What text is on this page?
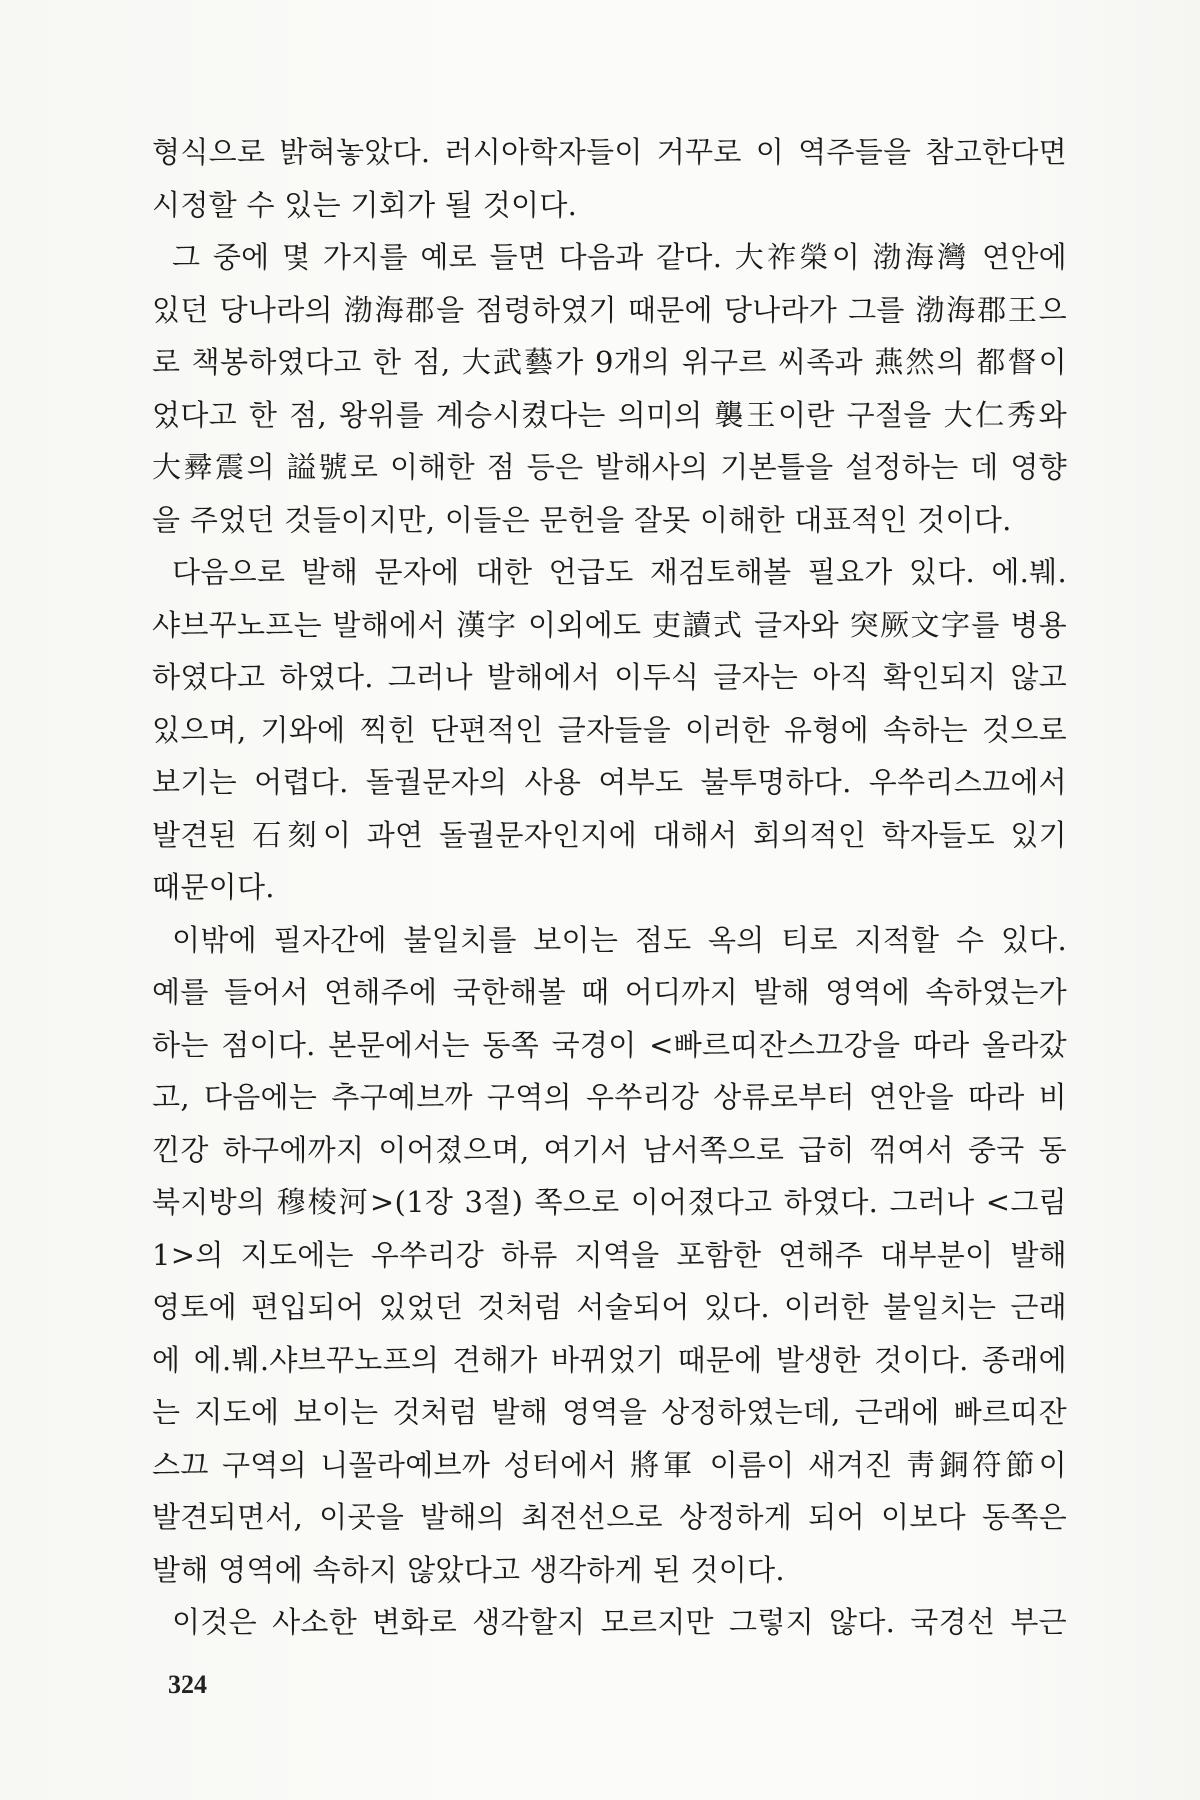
형식으로 밝혀놓았다. 러시아학자들이 거꾸로 이 역주들을 참고한다면
시정할 수 있는 기회가 될 것이다.
그 중에 몇 가지를 예로 들면 다음과 같다. 大祚榮이 渤海灣 연안에
있던 당나라의 渤海郡을 점령하였기 때문에 당나라가 그를 渤海郡王으
로 책봉하였다고 한 점, 大武藝가 9개의 위구르 씨족과 燕然의 都督이
었다고 한 점, 왕위를 계승시켰다는 의미의 襲王이란 구절을 大仁秀와
大彛震의 謚號로 이해한 점 등은 발해사의 기본틀을 설정하는 데 영향
을 주었던 것들이지만, 이들은 문헌을 잘못 이해한 대표적인 것이다.
다음으로 발해 문자에 대한 언급도 재검토해볼 필요가 있다. 에.붸.
샤브꾸노프는 발해에서 漢字 이외에도 吏讀式 글자와 突厥文字를 병용
하였다고 하였다. 그러나 발해에서 이두식 글자는 아직 확인되지 않고
있으며, 기와에 찍힌 단편적인 글자들을 이러한 유형에 속하는 것으로
보기는 어렵다. 돌궐문자의 사용 여부도 불투명하다. 우쑤리스끄에서
발견된 石刻이 과연 돌궐문자인지에 대해서 회의적인 학자들도 있기
때문이다.
이밖에 필자간에 불일치를 보이는 점도 옥의 티로 지적할 수 있다.
예를 들어서 연해주에 국한해볼 때 어디까지 발해 영역에 속하였는가
하는 점이다. 본문에서는 동쪽 국경이 <빠르띠잔스끄강을 따라 올라갔
고, 다음에는 추구예브까 구역의 우쑤리강 상류로부터 연안을 따라 비
낀강 하구에까지 이어졌으며, 여기서 남서쪽으로 급히 꺾여서 중국 동
북지방의 穆棱河>(1장 3절) 쪽으로 이어졌다고 하였다. 그러나 <그림
1>의 지도에는 우쑤리강 하류 지역을 포함한 연해주 대부분이 발해
영토에 편입되어 있었던 것처럼 서술되어 있다. 이러한 불일치는 근래
에 에.붸.샤브꾸노프의 견해가 바뀌었기 때문에 발생한 것이다. 종래에
는 지도에 보이는 것처럼 발해 영역을 상정하였는데, 근래에 빠르띠잔
스끄 구역의 니꼴라예브까 성터에서 將軍 이름이 새겨진 靑銅符節이
발견되면서, 이곳을 발해의 최전선으로 상정하게 되어 이보다 동쪽은
발해 영역에 속하지 않았다고 생각하게 된 것이다.
이것은 사소한 변화로 생각할지 모르지만 그렇지 않다. 국경선 부근
324
